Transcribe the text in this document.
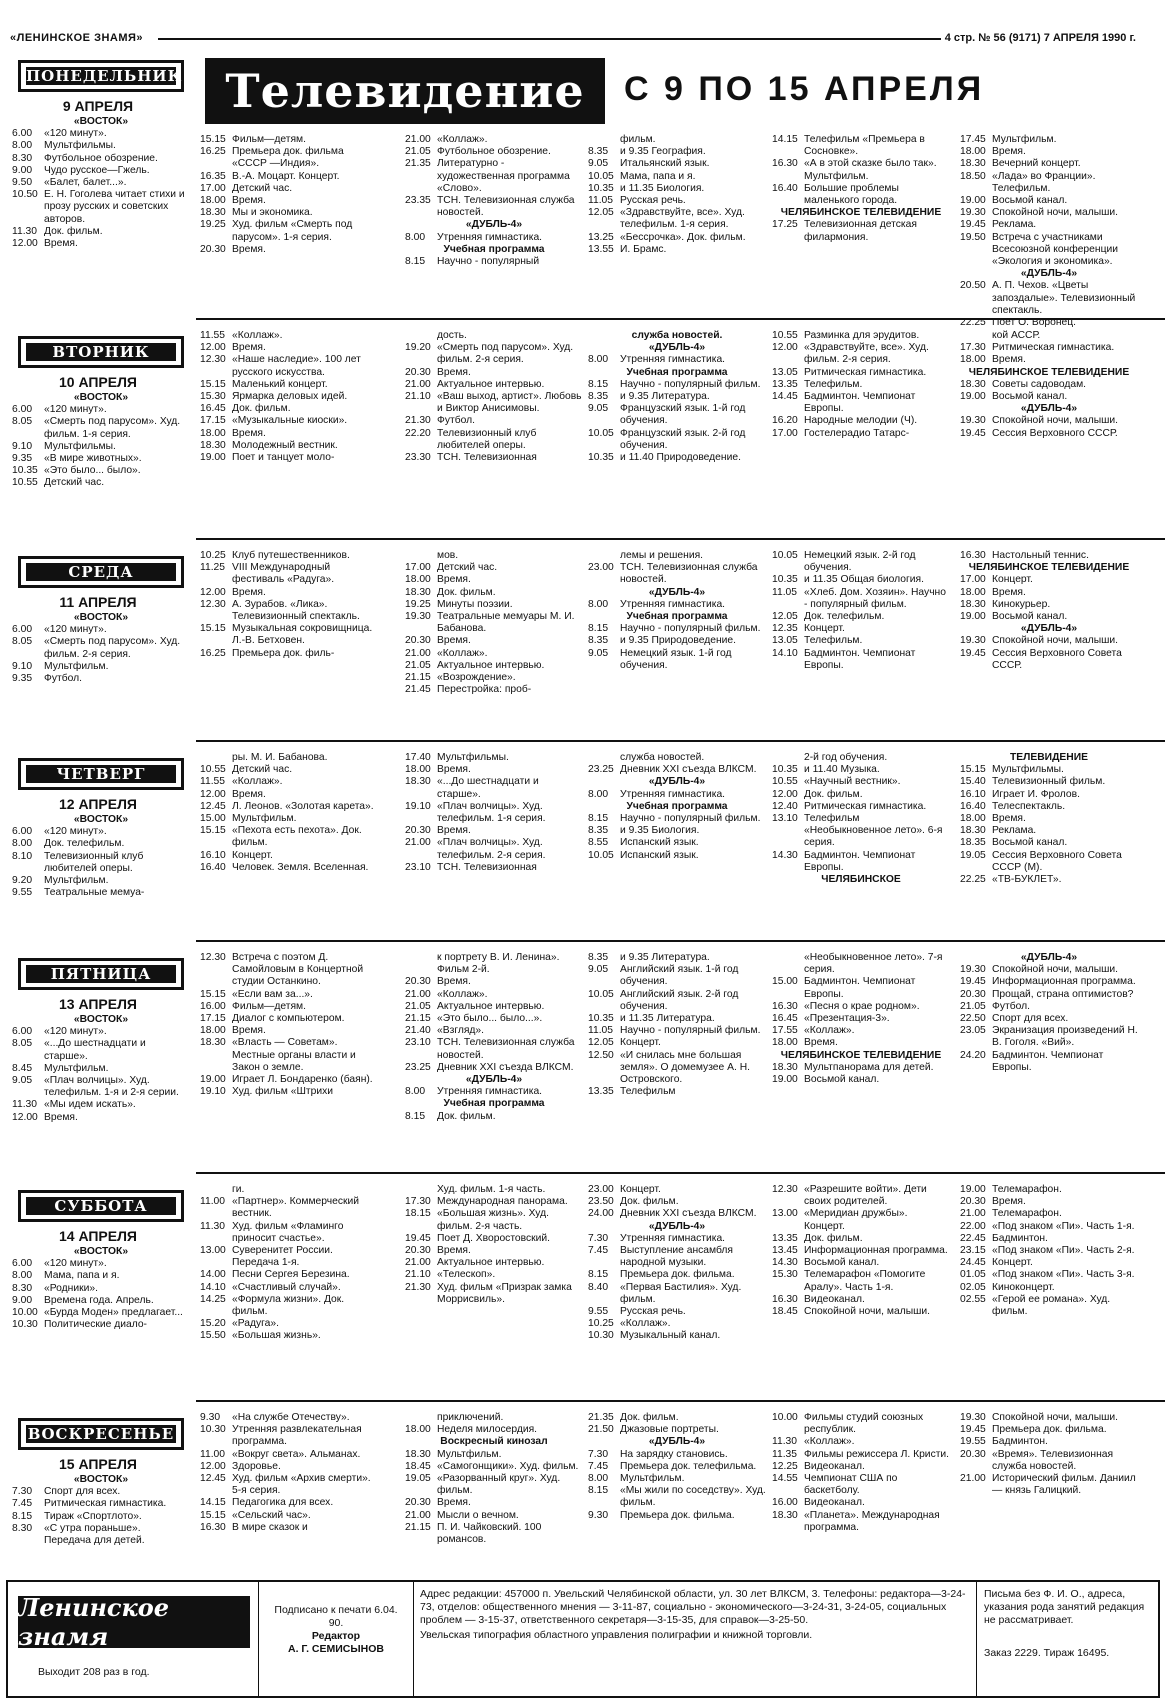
«ЛЕНИНСКОЕ ЗНАМЯ»	4 стр. № 56 (9171) 7 АПРЕЛЯ 1990 г.
Телевидение	С 9 ПО 15 АПРЕЛЯ
ПОНЕДЕЛЬНИК
9 АПРЕЛЯ
«ВОСТОК»
6.00	«120 минут».
8.00	Мультфильмы.
8.30	Футбольное обозрение.
9.00	Чудо русское—Гжель.
9.50	«Балет, балет...».
10.50 Е. Н. Гоголева читает стихи и прозу русских и советских авторов.
11.30 Док. фильм.
12.00 Время.
15.15 Фильм—детям.
16.25 Премьера док. фильма «СССР —Индия».
16.35 В.-А. Моцарт. Концерт.
17.00 Детский час.
18.00 Время.
18.30 Мы и экономика.
19.25 Худ. фильм «Смерть под парусом». 1-я серия.
20.30 Время.
21.00 «Коллаж».
21.05 Футбольное обозрение.
21.35 Литературно - художественная программа «Слово».
23.35 ТСН. Телевизионная служба новостей.
«ДУБЛЬ-4»
8.00	Утренняя гимнастика.
Учебная программа
8.15	Научно - популярный
фильм.
8.35	и 9.35 География.
9.05	Итальянский язык.
10.05 Мама, папа и я.
10.35 и 11.35 Биология.
11.05 Русская речь.
12.05 «Здравствуйте, все». Худ. телефильм. 1-я серия.
13.25 «Бессрочка». Док. фильм.
13.55 И. Брамс.
14.15 Телефильм «Премьера в Сосновке».
16.30 «А в этой сказке было так». Мультфильм.
16.40 Большие проблемы маленького города.
ЧЕЛЯБИНСКОЕ ТЕЛЕВИДЕНИЕ
17.25 Телевизионная детская филармония.
17.45 Мультфильм.
18.00 Время.
18.30 Вечерний концерт.
18.50 «Лада» во Франции». Телефильм.
19.00 Восьмой канал.
19.30 Спокойной ночи, малыши.
19.45 Реклама.
19.50 Встреча с участниками Всесоюзной конференции «Экология и экономика».
«ДУБЛЬ-4»
20.50 А. П. Чехов. «Цветы запоздалые». Телевизионный спектакль.
22.25 Поет О. Воронец.
ВТОРНИК
10 АПРЕЛЯ
«ВОСТОК»
6.00	«120 минут».
8.05	«Смерть под парусом». Худ. фильм. 1-я серия.
9.10	Мультфильмы.
9.35	«В мире животных».
10.35 «Это было... было».
10.55 Детский час.
11.55 «Коллаж».
12.00 Время.
12.30 «Наше наследие». 100 лет русского искусства.
15.15 Маленький концерт.
15.30 Ярмарка деловых идей.
16.45 Док. фильм.
17.15 «Музыкальные киоски».
18.00 Время.
18.30 Молодежный вестник.
19.00 Поет и танцует моло-
дость.
19.20 «Смерть под парусом». Худ. фильм. 2-я серия.
20.30 Время.
21.00 Актуальное интервью.
21.10 «Ваш выход, артист». Любовь и Виктор Анисимовы.
21.30 Футбол.
22.20 Телевизионный клуб любителей оперы.
23.30 ТСН. Телевизионная
служба новостей.
«ДУБЛЬ-4»
8.00	Утренняя гимнастика.
Учебная программа
8.15	Научно - популярный фильм.
8.35	и 9.35 Литература.
9.05	Французский язык. 1-й год обучения.
10.05 Французский язык. 2-й год обучения.
10.35 и 11.40 Природоведение.
10.55 Разминка для эрудитов.
12.00 «Здравствуйте, все». Худ. фильм. 2-я серия.
13.05 Ритмическая гимнастика.
13.35 Телефильм.
14.45 Бадминтон. Чемпионат Европы.
16.20 Народные мелодии (Ч).
17.00 Гостелерадио Татарс-
кой АССР.
17.30 Ритмическая гимнастика.
18.00 Время.
ЧЕЛЯБИНСКОЕ ТЕЛЕВИДЕНИЕ
18.30 Советы садоводам.
19.00 Восьмой канал.
«ДУБЛЬ-4»
19.30 Спокойной ночи, малыши.
19.45 Сессия Верховного СССР.
СРЕДА
11 АПРЕЛЯ
«ВОСТОК»
6.00	«120 минут».
8.05	«Смерть под парусом». Худ. фильм. 2-я серия.
9.10	Мультфильм.
9.35	Футбол.
10.25 Клуб путешественников.
11.25 VIII Международный фестиваль «Радуга».
12.00 Время.
12.30 А. Зурабов. «Лика». Телевизионный спектакль.
15.15 Музыкальная сокровищница. Л.-В. Бетховен.
16.25 Премьера док. филь-
мов.
17.00 Детский час.
18.00 Время.
18.30 Док. фильм.
19.25 Минуты поэзии.
19.30 Театральные мемуары М. И. Бабанова.
20.30 Время.
21.00 «Коллаж».
21.05 Актуальное интервью.
21.15 «Возрождение».
21.45 Перестройка: проб-
лемы и решения.
23.00 ТСН. Телевизионная служба новостей.
«ДУБЛЬ-4»
8.00	Утренняя гимнастика.
Учебная программа
8.15	Научно - популярный фильм.
8.35	и 9.35 Природоведение.
9.05	Немецкий язык. 1-й год обучения.
10.05 Немецкий язык. 2-й год обучения.
10.35 и 11.35 Общая биология.
11.05 «Хлеб. Дом. Хозяин». Научно - популярный фильм.
12.05 Док. телефильм.
12.35 Концерт.
13.05 Телефильм.
14.10 Бадминтон. Чемпионат Европы.
16.30 Настольный теннис.
ЧЕЛЯБИНСКОЕ ТЕЛЕВИДЕНИЕ
17.00 Концерт.
18.00 Время.
18.30 Кинокурьер.
19.00 Восьмой канал.
«ДУБЛЬ-4»
19.30 Спокойной ночи, малыши.
19.45 Сессия Верховного Совета СССР.
ЧЕТВЕРГ
12 АПРЕЛЯ
«ВОСТОК»
6.00	«120 минут».
8.00	Док. телефильм.
8.10	Телевизионный клуб любителей оперы.
9.20	Мультфильм.
9.55	Театральные мемуа-
ры. М. И. Бабанова.
10.55 Детский час.
11.55 «Коллаж».
12.00 Время.
12.45 Л. Леонов. «Золотая карета».
15.00 Мультфильм.
15.15 «Пехота есть пехота». Док. фильм.
16.10 Концерт.
16.40 Человек. Земля. Вселенная.
17.40 Мультфильмы.
18.00 Время.
18.30 «...До шестнадцати и старше».
19.10 «Плач волчицы». Худ. телефильм. 1-я серия.
20.30 Время.
21.00 «Плач волчицы». Худ. телефильм. 2-я серия.
23.10 ТСН. Телевизионная
служба новостей.
23.25 Дневник XXI съезда ВЛКСМ.
«ДУБЛЬ-4»
8.00	Утренняя гимнастика.
Учебная программа
8.15	Научно - популярный фильм.
8.35	и 9.35 Биология.
8.55	Испанский язык.
10.05 Испанский язык.
2-й год обучения.
10.35 и 11.40 Музыка.
10.55 «Научный вестник».
12.00 Док. фильм.
12.40 Ритмическая гимнастика.
13.10 Телефильм «Необыкновенное лето». 6-я серия.
14.30 Бадминтон. Чемпионат Европы.
ЧЕЛЯБИНСКОЕ
ТЕЛЕВИДЕНИЕ
15.15 Мультфильмы.
15.40 Телевизионный фильм.
16.10 Играет И. Фролов.
16.40 Телеспектакль.
18.00 Время.
18.30 Реклама.
18.35 Восьмой канал.
19.05 Сессия Верховного Совета СССР (М).
22.25 «ТВ-БУКЛЕТ».
ПЯТНИЦА
13 АПРЕЛЯ
«ВОСТОК»
6.00	«120 минут».
8.05	«...До шестнадцати и старше».
8.45	Мультфильм.
9.05	«Плач волчицы». Худ. телефильм. 1-я и 2-я серии.
11.30 «Мы идем искать».
12.00 Время.
12.30 Встреча с поэтом Д. Самойловым в Концертной студии Останкино.
15.15 «Если вам за...».
16.00 Фильм—детям.
17.15 Диалог с компьютером.
18.00 Время.
18.30 «Власть — Советам». Местные органы власти и Закон о земле.
19.00 Играет Л. Бондаренко (баян).
19.10 Худ. фильм «Штрихи
к портрету В. И. Ленина». Фильм 2-й.
20.30 Время.
21.00 «Коллаж».
21.05 Актуальное интервью.
21.15 «Это было... было...».
21.40 «Взгляд».
23.10 ТСН. Телевизионная служба новостей.
23.25 Дневник XXI съезда ВЛКСМ.
«ДУБЛЬ-4»
8.00	Утренняя гимнастика.
Учебная программа
8.15	Док. фильм.
8.35	и 9.35 Литература.
9.05	Английский язык. 1-й год обучения.
10.05 Английский язык. 2-й год обучения.
10.35 и 11.35 Литература.
11.05 Научно - популярный фильм.
12.05 Концерт.
12.50 «И снилась мне большая земля». О домемузее А. Н. Островского.
13.35 Телефильм
«Необыкновенное лето». 7-я серия.
15.00 Бадминтон. Чемпионат Европы.
16.30 «Песня о крае родном».
16.45 «Презентация-3».
17.55 «Коллаж».
18.00 Время.
ЧЕЛЯБИНСКОЕ ТЕЛЕВИДЕНИЕ
18.30 Мультпанорама для детей.
19.00 Восьмой канал.
«ДУБЛЬ-4»
19.30 Спокойной ночи, малыши.
19.45 Информационная программа.
20.30 Прощай, страна оптимистов?
21.05 Футбол.
22.50 Спорт для всех.
23.05 Экранизация произведений Н. В. Гоголя. «Вий».
24.20 Бадминтон. Чемпионат Европы.
СУББОТА
14 АПРЕЛЯ
«ВОСТОК»
6.00	«120 минут».
8.00	Мама, папа и я.
8.30	«Родники».
9.00	Времена года. Апрель.
10.00 «Бурда Моден» предлагает...
10.30 Политические диало-
ги.
11.00 «Партнер». Коммерческий вестник.
11.30 Худ. фильм «Фламинго приносит счастье».
13.00 Суверенитет России. Передача 1-я.
14.00 Песни Сергея Березина.
14.10 «Счастливый случай».
14.25 «Формула жизни». Док. фильм.
15.20 «Радуга».
15.50 «Большая жизнь».
Худ. фильм. 1-я часть.
17.30 Международная панорама.
18.15 «Большая жизнь». Худ. фильм. 2-я часть.
19.45 Поет Д. Хворостовский.
20.30 Время.
21.00 Актуальное интервью.
21.10 «Телескоп».
21.30 Худ. фильм «Призрак замка Моррисвиль».
23.00 Концерт.
23.50 Док. фильм.
24.00 Дневник XXI съезда ВЛКСМ.
«ДУБЛЬ-4»
7.30	Утренняя гимнастика.
7.45	Выступление ансамбля народной музыки.
8.15	Премьера док. фильма.
8.40	«Первая Бастилия». Худ. фильм.
9.55	Русская речь.
10.25 «Коллаж».
10.30 Музыкальный канал.
12.30 «Разрешите войти». Дети своих родителей.
13.00 «Меридиан дружбы». Концерт.
13.35 Док. фильм.
13.45 Информационная программа.
14.30 Восьмой канал.
15.30 Телемарафон «Помогите Аралу». Часть 1-я.
16.30 Видеоканал.
18.45 Спокойной ночи, малыши.
19.00 Телемарафон.
20.30 Время.
21.00 Телемарафон.
22.00 «Под знаком «Пи». Часть 1-я.
22.45 Бадминтон.
23.15 «Под знаком «Пи». Часть 2-я.
24.45 Концерт.
01.05 «Под знаком «Пи». Часть 3-я.
02.05 Киноконцерт.
02.55 «Герой ее романа». Худ. фильм.
ВОСКРЕСЕНЬЕ
15 АПРЕЛЯ
«ВОСТОК»
7.30	Спорт для всех.
7.45	Ритмическая гимнастика.
8.15	Тираж «Спортлото».
8.30	«С утра пораньше». Передача для детей.
9.30	«На службе Отечеству».
10.30 Утренняя развлекательная программа.
11.00 «Вокруг света». Альманах.
12.00 Здоровье.
12.45 Худ. фильм «Архив смерти». 5-я серия.
14.15 Педагогика для всех.
15.15 «Сельский час».
16.30 В мире сказок и
приключений.
18.00 Неделя милосердия.
Воскресный кинозал
18.30 Мультфильм.
18.45 «Самогонщики». Худ. фильм.
19.05 «Разорванный круг». Худ. фильм.
20.30 Время.
21.00 Мысли о вечном.
21.15 П. И. Чайковский. 100 романсов.
21.35 Док. фильм.
21.50 Джазовые портреты.
«ДУБЛЬ-4»
7.30	На зарядку становись.
7.45	Премьера док. телефильма.
8.00	Мультфильм.
8.15	«Мы жили по соседству». Худ. фильм.
9.30	Премьера док. фильма.
10.00 Фильмы студий союзных республик.
11.30 «Коллаж».
11.35 Фильмы режиссера Л. Кристи.
12.25 Видеоканал.
14.55 Чемпионат США по баскетболу.
16.00 Видеоканал.
18.30 «Планета». Международная программа.
19.30 Спокойной ночи, малыши.
19.45 Премьера док. фильма.
19.55 Бадминтон.
20.30 «Время». Телевизионная служба новостей.
21.00 Исторический фильм. Даниил — князь Галицкий.
Ленинское знамя
Выходит 208 раз в год.
Подписано к печати 6.04. 90.
Редактор
А. Г. СЕМИСЫНОВ
Адрес редакции: 457000 п. Увельский Челябинской области, ул. 30 лет ВЛКСМ, 3. Телефоны: редактора—3-24-73, отделов: общественного мнения — 3-11-87, социально - экономического—3-24-31, 3-24-05, социальных проблем — 3-15-37, ответственного секретаря—3-15-35, для справок—3-25-50.
Увельская типография областного управления полиграфии и книжной торговли.
Письма без Ф. И. О., адреса, указания рода занятий редакция не рассматривает.
Заказ 2229. Тираж 16495.
